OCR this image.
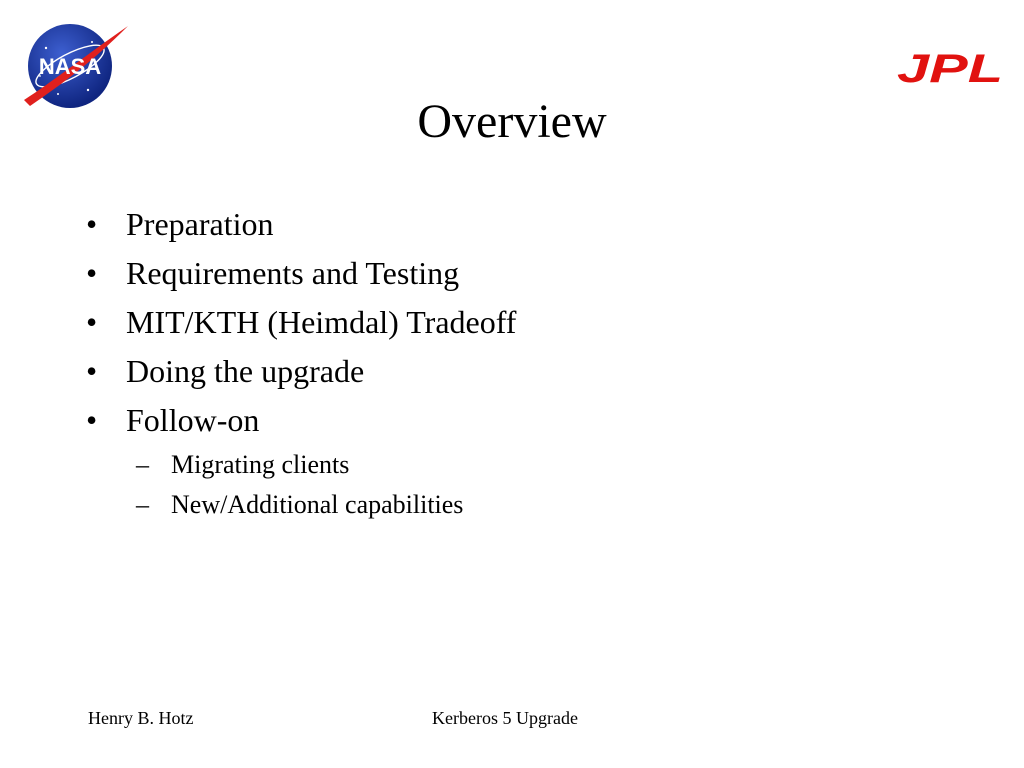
NASA	JPL
Overview
• Preparation
• Requirements and Testing
• MIT/KTH (Heimdal) Tradeoff
• Doing the upgrade
• Follow-on
– Migrating clients
– New/Additional capabilities
Henry B. Hotz	Kerberos 5 Upgrade
